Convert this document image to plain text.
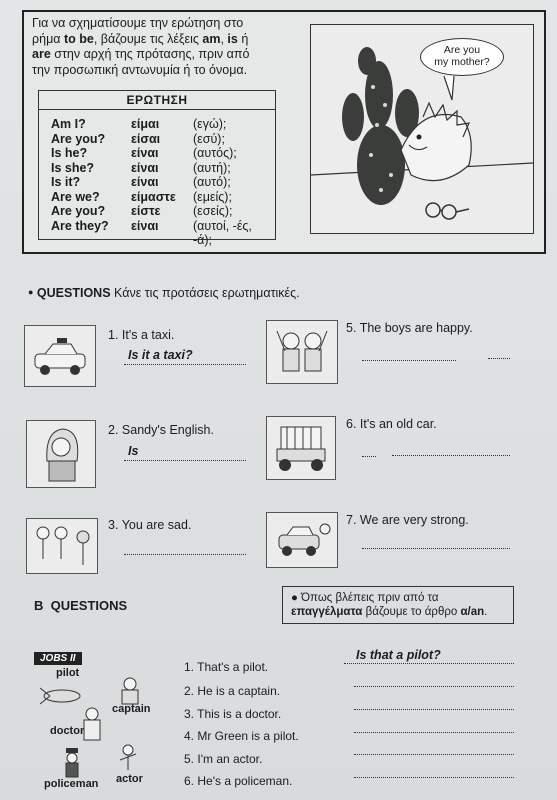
Για να σχηματίσουμε την ερώτηση στο
ρήμα to be, βάζουμε τις λέξεις am, is ή
are στην αρχή της πρότασης, πριν από
την προσωπική αντωνυμία ή το όνομα.
ΕΡΩΤΗΣΗ
Am I?	είμαι	(εγώ);
Are you?	είσαι	(εσύ);
Is he?	είναι	(αυτός);
Is she?	είναι	(αυτή);
Is it?	είναι	(αυτό);
Are we?	είμαστε	(εμείς);
Are you?	είστε	(εσείς);
Are they?	είναι	(αυτοί, -ές, -ά);
Are you
my mother?
● QUESTIONS Κάνε τις προτάσεις ερωτηματικές.
1. It's a taxi.
Is it a taxi?
5. The boys are happy.
2. Sandy's English.
Is
6. It's an old car.
3. You are sad.	7. We are very strong.
B QUESTIONS	● Όπως βλέπεις πριν από τα
επαγγέλματα βάζουμε το άρθρο α/an.
JOBS II
pilot
captain
doctor
policeman actor
1. That's a pilot.
2. He is a captain.
3. This is a doctor.
4. Mr Green is a pilot.
5. I'm an actor.
6. He's a policeman.
Is that a pilot?
